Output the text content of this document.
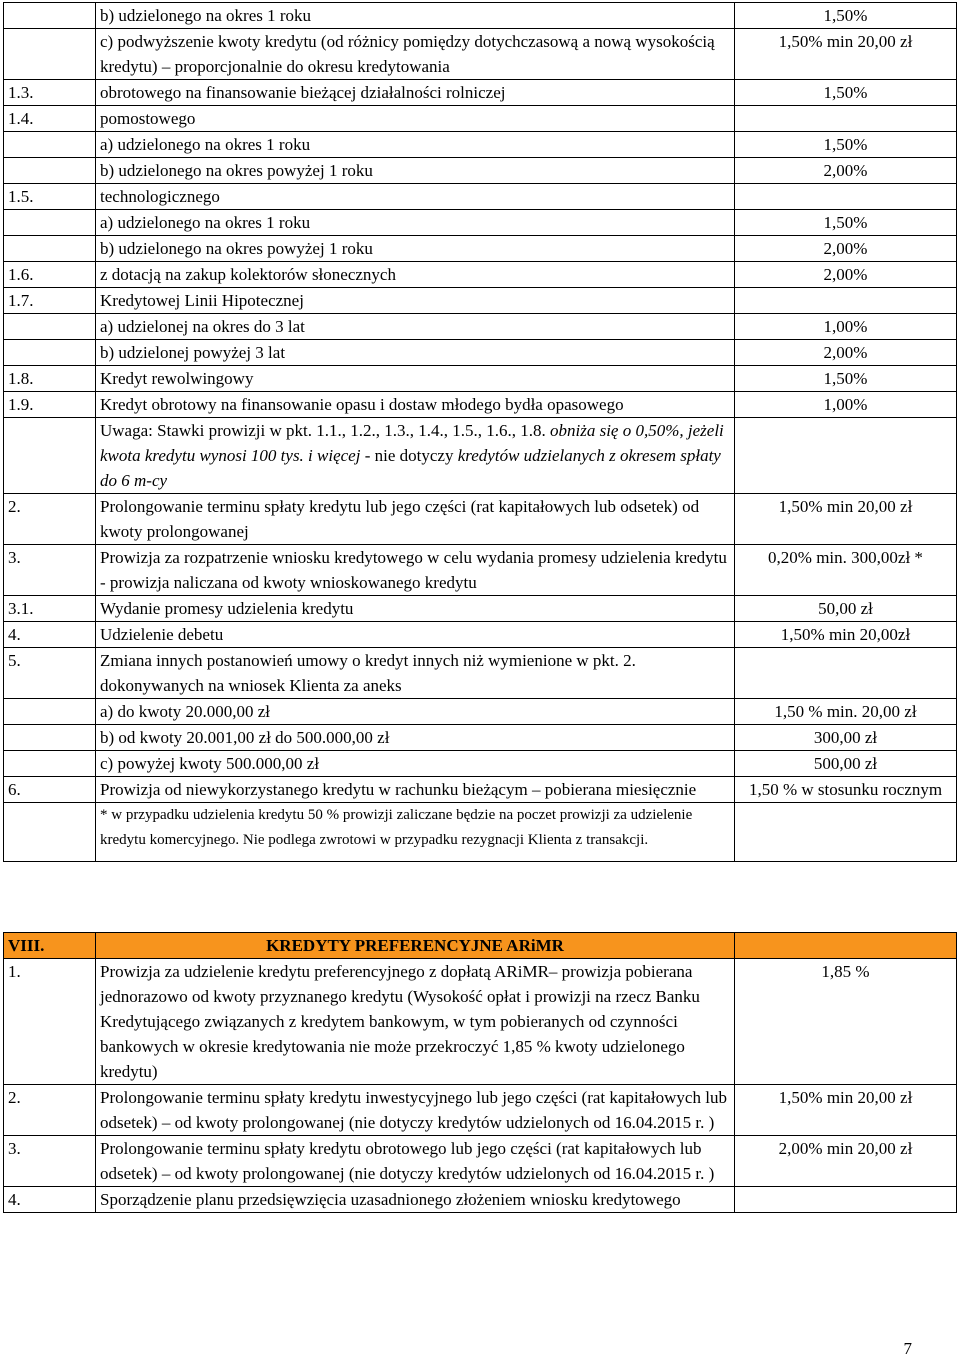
	b) udzielonego na okres 1 roku	1,50%
	c) podwyższenie kwoty kredytu (od różnicy pomiędzy dotychczasową a nową wysokością kredytu) – proporcjonalnie do okresu kredytowania	1,50% min 20,00 zł
1.3.	obrotowego na finansowanie bieżącej działalności rolniczej	1,50%
1.4.	pomostowego	
	a) udzielonego na okres 1 roku	1,50%
	b) udzielonego na okres powyżej 1 roku	2,00%
1.5.	technologicznego	
	a) udzielonego na okres 1 roku	1,50%
	b) udzielonego na okres powyżej 1 roku	2,00%
1.6.	z dotacją na zakup kolektorów słonecznych	2,00%
1.7.	Kredytowej Linii Hipotecznej	
	a) udzielonej na okres do 3 lat	1,00%
	b) udzielonej powyżej 3 lat	2,00%
1.8.	Kredyt rewolwingowy	1,50%
1.9.	Kredyt obrotowy na finansowanie opasu i dostaw młodego bydła opasowego	1,00%
	Uwaga: Stawki prowizji w pkt. 1.1., 1.2., 1.3., 1.4., 1.5., 1.6., 1.8. obniża się o 0,50%, jeżeli kwota kredytu wynosi 100 tys. i więcej - nie dotyczy kredytów udzielanych z okresem spłaty do 6 m-cy	
2.	Prolongowanie terminu spłaty kredytu lub jego części (rat kapitałowych lub odsetek) od kwoty prolongowanej	1,50% min 20,00 zł
3.	Prowizja za rozpatrzenie wniosku kredytowego w celu wydania promesy udzielenia kredytu - prowizja naliczana od kwoty wnioskowanego kredytu	0,20% min. 300,00zł *
3.1.	Wydanie promesy udzielenia kredytu	50,00 zł
4.	Udzielenie debetu	1,50% min 20,00zł
5.	Zmiana innych postanowień umowy o kredyt innych niż wymienione w pkt. 2. dokonywanych na wniosek Klienta za aneks	
	a) do kwoty 20.000,00 zł	1,50 % min. 20,00 zł
	b) od kwoty 20.001,00 zł do 500.000,00 zł	300,00 zł
	c) powyżej kwoty 500.000,00 zł	500,00 zł
6.	Prowizja od niewykorzystanego kredytu w rachunku bieżącym – pobierana miesięcznie	1,50 % w stosunku rocznym
	* w przypadku udzielenia kredytu 50 % prowizji zaliczane będzie na poczet prowizji za udzielenie kredytu komercyjnego. Nie podlega zwrotowi w przypadku rezygnacji Klienta z transakcji.	
VIII.	KREDYTY PREFERENCYJNE ARiMR	
1.	Prowizja za udzielenie kredytu preferencyjnego z dopłatą ARiMR– prowizja pobierana jednorazowo od kwoty przyznanego kredytu (Wysokość opłat i prowizji na rzecz Banku Kredytującego związanych z kredytem bankowym, w tym pobieranych od czynności bankowych w okresie kredytowania nie może przekroczyć 1,85 % kwoty udzielonego kredytu)	1,85 %
2.	Prolongowanie terminu spłaty kredytu inwestycyjnego lub jego części (rat kapitałowych lub odsetek) – od kwoty prolongowanej (nie dotyczy kredytów udzielonych od 16.04.2015 r. )	1,50% min 20,00 zł
3.	Prolongowanie terminu spłaty kredytu obrotowego lub jego części (rat kapitałowych lub odsetek) – od kwoty prolongowanej (nie dotyczy kredytów udzielonych od 16.04.2015 r. )	2,00% min 20,00 zł
4.	Sporządzenie planu przedsięwzięcia uzasadnionego złożeniem wniosku kredytowego	
7
